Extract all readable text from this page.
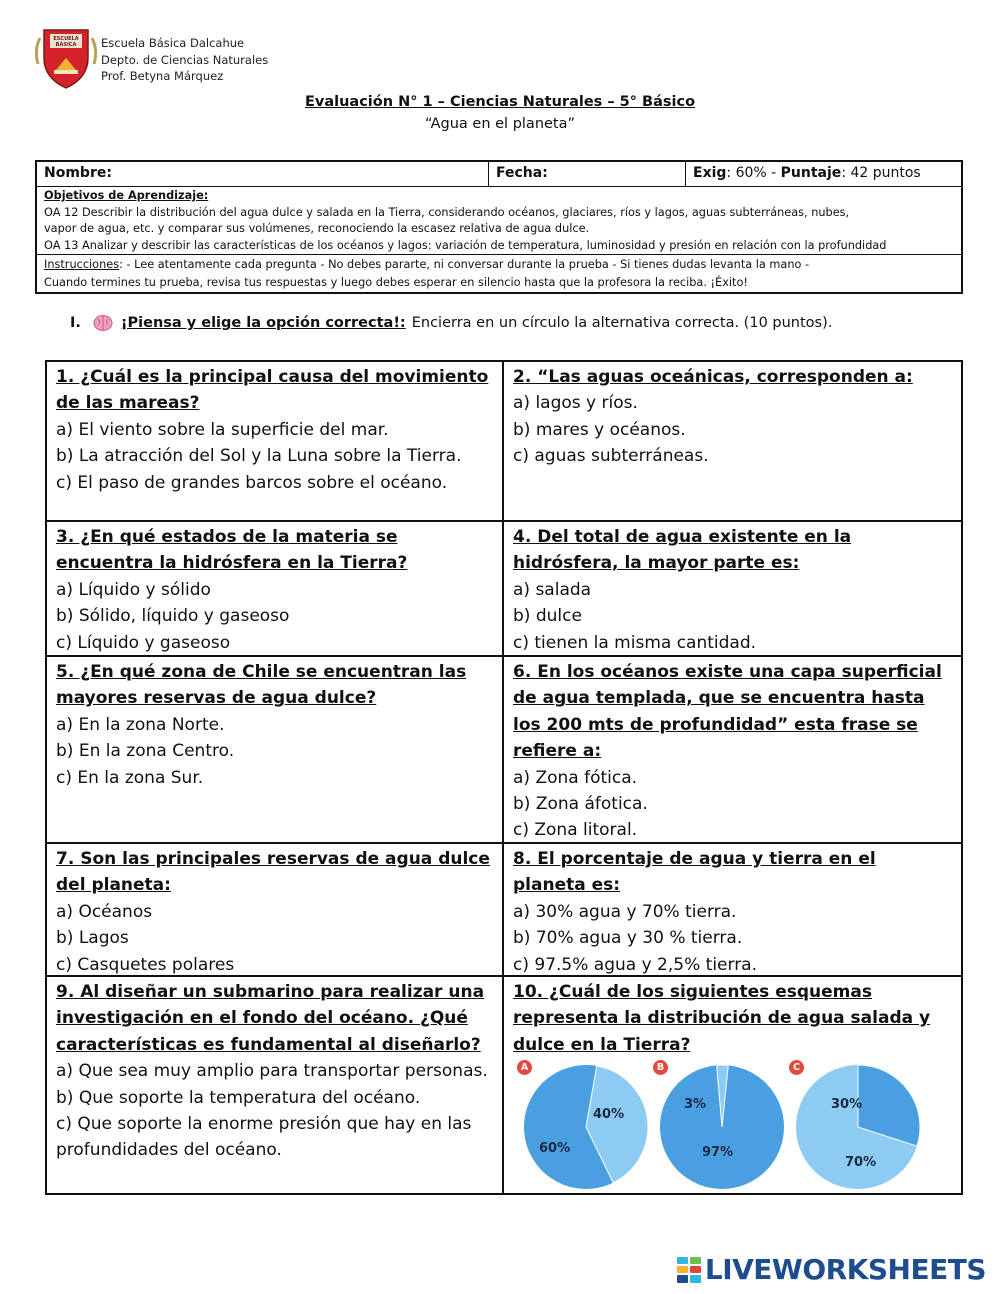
ESCUELA
BASICA Escuela Básica Dalcahue
Depto. de Ciencias Naturales
Prof. Betyna Márquez
Evaluación N° 1 – Ciencias Naturales – 5° Básico
“Agua en el planeta”
Nombre:	Fecha:	Exig: 60% - Puntaje: 42 puntos
Objetivos de Aprendizaje:
OA 12 Describir la distribución del agua dulce y salada en la Tierra, considerando océanos, glaciares, ríos y lagos, aguas subterráneas, nubes,
vapor de agua, etc. y comparar sus volúmenes, reconociendo la escasez relativa de agua dulce.
OA 13 Analizar y describir las características de los océanos y lagos: variación de temperatura, luminosidad y presión en relación con la profundidad
Instrucciones: - Lee atentamente cada pregunta - No debes pararte, ni conversar durante la prueba - Si tienes dudas levanta la mano -
Cuando termines tu prueba, revisa tus respuestas y luego debes esperar en silencio hasta que la profesora la reciba. ¡Éxito!
I.	¡Piensa y elige la opción correcta!: Encierra en un círculo la alternativa correcta. (10 puntos).
1. ¿Cuál es la principal causa del movimiento de las mareas?
a) El viento sobre la superficie del mar.
b) La atracción del Sol y la Luna sobre la Tierra.
c) El paso de grandes barcos sobre el océano.
2. “Las aguas oceánicas, corresponden a:
a) lagos y ríos.
b) mares y océanos.
c) aguas subterráneas.
3. ¿En qué estados de la materia se encuentra la hidrósfera en la Tierra?
a) Líquido y sólido
b) Sólido, líquido y gaseoso
c) Líquido y gaseoso
4. Del total de agua existente en la hidrósfera, la mayor parte es:
a) salada
b) dulce
c) tienen la misma cantidad.
5. ¿En qué zona de Chile se encuentran las mayores reservas de agua dulce?
a) En la zona Norte.
b) En la zona Centro.
c) En la zona Sur.
6. En los océanos existe una capa superficial de agua templada, que se encuentra hasta los 200 mts de profundidad” esta frase se refiere a:
a) Zona fótica.
b) Zona áfotica.
c) Zona litoral.
7. Son las principales reservas de agua dulce del planeta:
a) Océanos
b) Lagos
c) Casquetes polares
8. El porcentaje de agua y tierra en el planeta es:
a) 30% agua y 70% tierra.
b) 70% agua y 30 % tierra.
c) 97.5% agua y 2,5% tierra.
9. Al diseñar un submarino para realizar una investigación en el fondo del océano. ¿Qué características es fundamental al diseñarlo?
a) Que sea muy amplio para transportar personas.
b) Que soporte la temperatura del océano.
c) Que soporte la enorme presión que hay en las profundidades del océano.
10. ¿Cuál de los siguientes esquemas representa la distribución de agua salada y dulce en la Tierra?
A
40%
60%
B
3%
97%
C
30%
70%
LIVEWORKSHEETS
